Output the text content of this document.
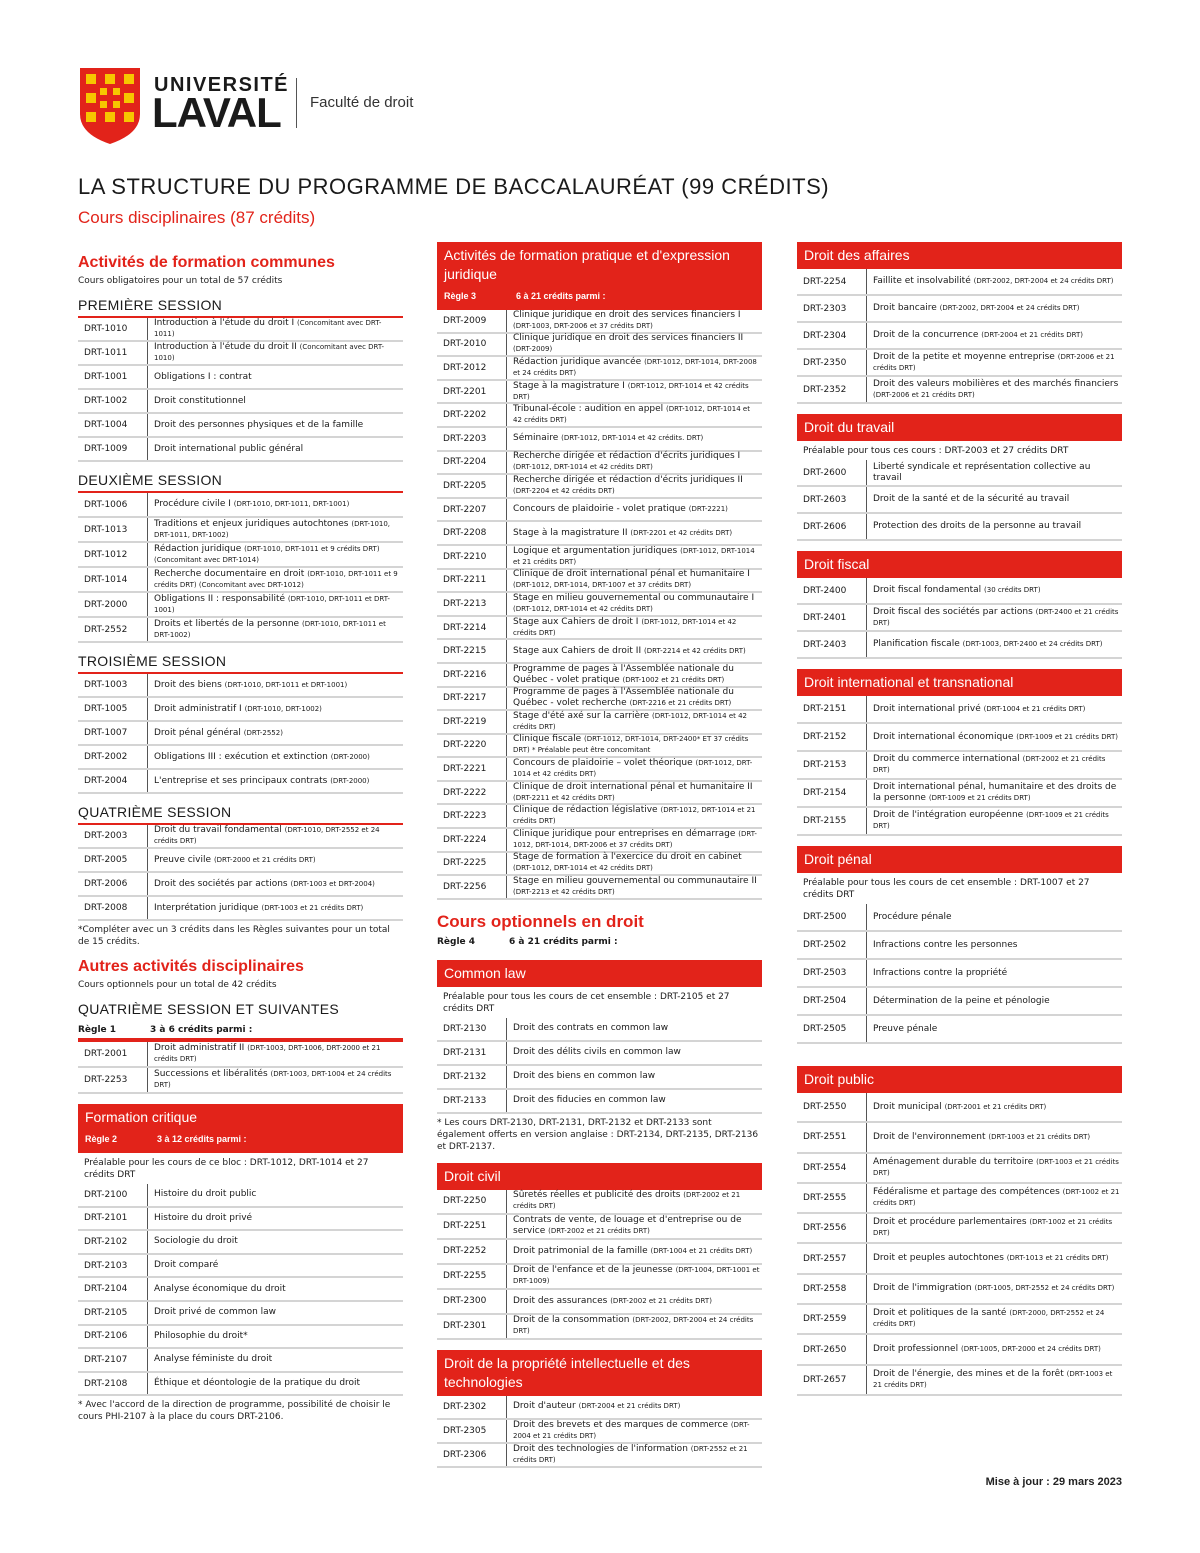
UNIVERSITÉ
LAVAL Faculté de droit
LA STRUCTURE DU PROGRAMME DE BACCALAURÉAT (99 CRÉDITS)
Cours disciplinaires (87 crédits)
Activités de formation communes
Cours obligatoires pour un total de 57 crédits
PREMIÈRE SESSION
DRT-1010
Introduction à l'étude du droit I (Concomitant avec DRT-1011)
DRT-1011
Introduction à l'étude du droit II (Concomitant avec DRT-1010)
DRT-1001	Obligations I : contrat
DRT-1002	Droit constitutionnel
DRT-1004	Droit des personnes physiques et de la famille
DRT-1009	Droit international public général
DEUXIÈME SESSION
DRT-1006	Procédure civile I (DRT-1010, DRT-1011, DRT-1001)
DRT-1013
Traditions et enjeux juridiques autochtones (DRT-1010, DRT-1011, DRT-1002)
DRT-1012
Rédaction juridique (DRT-1010, DRT-1011 et 9 crédits DRT) (Concomitant avec DRT-1014)
DRT-1014
Recherche documentaire en droit (DRT-1010, DRT-1011 et 9 crédits DRT) (Concomitant avec DRT-1012)
DRT-2000
Obligations II : responsabilité (DRT-1010, DRT-1011 et DRT-1001)
DRT-2552
Droits et libertés de la personne (DRT-1010, DRT-1011 et DRT-1002)
TROISIÈME SESSION
DRT-1003	Droit des biens (DRT-1010, DRT-1011 et DRT-1001)
DRT-1005	Droit administratif I (DRT-1010, DRT-1002)
DRT-1007	Droit pénal général (DRT-2552)
DRT-2002	Obligations III : exécution et extinction (DRT-2000)
DRT-2004	L'entreprise et ses principaux contrats (DRT-2000)
QUATRIÈME SESSION
DRT-2003
Droit du travail fondamental (DRT-1010, DRT-2552 et 24 crédits DRT)
DRT-2005	Preuve civile (DRT-2000 et 21 crédits DRT)
DRT-2006	Droit des sociétés par actions (DRT-1003 et DRT-2004)
DRT-2008	Interprétation juridique (DRT-1003 et 21 crédits DRT)
*Compléter avec un 3 crédits dans les Règles suivantes pour un total de 15 crédits.
Autres activités disciplinaires
Cours optionnels pour un total de 42 crédits
QUATRIÈME SESSION ET SUIVANTES
Règle 1	3 à 6 crédits parmi :
DRT-2001
Droit administratif II (DRT-1003, DRT-1006, DRT-2000 et 21 crédits DRT)
DRT-2253
Successions et libéralités (DRT-1003, DRT-1004 et 24 crédits DRT)
Formation critique
Règle 2	3 à 12 crédits parmi :
Préalable pour les cours de ce bloc : DRT-1012, DRT-1014 et 27 crédits DRT
DRT-2100	Histoire du droit public
DRT-2101	Histoire du droit privé
DRT-2102	Sociologie du droit
DRT-2103	Droit comparé
DRT-2104	Analyse économique du droit
DRT-2105	Droit privé de common law
DRT-2106	Philosophie du droit*
DRT-2107	Analyse féministe du droit
DRT-2108	Éthique et déontologie de la pratique du droit
* Avec l'accord de la direction de programme, possibilité de choisir le cours PHI-2107 à la place du cours DRT-2106.
Activités de formation pratique et d'expression juridique
Règle 3	6 à 21 crédits parmi :
DRT-2009
Clinique juridique en droit des services financiers I (DRT-1003, DRT-2006 et 37 crédits DRT)
DRT-2010
Clinique juridique en droit des services financiers II (DRT-2009)
DRT-2012
Rédaction juridique avancée (DRT-1012, DRT-1014, DRT-2008 et 24 crédits DRT)
DRT-2201
Stage à la magistrature I (DRT-1012, DRT-1014 et 42 crédits DRT)
DRT-2202
Tribunal-école : audition en appel (DRT-1012, DRT-1014 et 42 crédits DRT)
DRT-2203	Séminaire (DRT-1012, DRT-1014 et 42 crédits. DRT)
DRT-2204
Recherche dirigée et rédaction d'écrits juridiques I (DRT-1012, DRT-1014 et 42 crédits DRT)
DRT-2205
Recherche dirigée et rédaction d'écrits juridiques II (DRT-2204 et 42 crédits DRT)
DRT-2207	Concours de plaidoirie - volet pratique (DRT-2221)
DRT-2208	Stage à la magistrature II (DRT-2201 et 42 crédits DRT)
DRT-2210
Logique et argumentation juridiques (DRT-1012, DRT-1014 et 21 crédits DRT)
DRT-2211
Clinique de droit international pénal et humanitaire I (DRT-1012, DRT-1014, DRT-1007 et 37 crédits DRT)
DRT-2213
Stage en milieu gouvernemental ou communautaire I (DRT-1012, DRT-1014 et 42 crédits DRT)
DRT-2214
Stage aux Cahiers de droit I (DRT-1012, DRT-1014 et 42 crédits DRT)
DRT-2215	Stage aux Cahiers de droit II (DRT-2214 et 42 crédits DRT)
DRT-2216
Programme de pages à l'Assemblée nationale du Québec - volet pratique (DRT-1002 et 21 crédits DRT)
DRT-2217
Programme de pages à l'Assemblée nationale du Québec - volet recherche (DRT-2216 et 21 crédits DRT)
DRT-2219
Stage d'été axé sur la carrière (DRT-1012, DRT-1014 et 42 crédits DRT)
DRT-2220
Clinique fiscale (DRT-1012, DRT-1014, DRT-2400* ET 37 crédits DRT) * Préalable peut être concomitant
DRT-2221
Concours de plaidoirie – volet théorique (DRT-1012, DRT-1014 et 42 crédits DRT)
DRT-2222
Clinique de droit international pénal et humanitaire II (DRT-2211 et 42 crédits DRT)
DRT-2223
Clinique de rédaction législative (DRT-1012, DRT-1014 et 21 crédits DRT)
DRT-2224
Clinique juridique pour entreprises en démarrage (DRT-1012, DRT-1014, DRT-2006 et 37 crédits DRT)
DRT-2225
Stage de formation à l'exercice du droit en cabinet (DRT-1012, DRT-1014 et 42 crédits DRT)
DRT-2256
Stage en milieu gouvernemental ou communautaire II (DRT-2213 et 42 crédits DRT)
Cours optionnels en droit
Règle 4	6 à 21 crédits parmi :
Common law
Préalable pour tous les cours de cet ensemble : DRT-2105 et 27 crédits DRT
DRT-2130	Droit des contrats en common law
DRT-2131	Droit des délits civils en common law
DRT-2132	Droit des biens en common law
DRT-2133	Droit des fiducies en common law
* Les cours DRT-2130, DRT-2131, DRT-2132 et DRT-2133 sont également offerts en version anglaise : DRT-2134, DRT-2135, DRT-2136 et DRT-2137.
Droit civil
DRT-2250
Sûretés réelles et publicité des droits (DRT-2002 et 21 crédits DRT)
DRT-2251
Contrats de vente, de louage et d'entreprise ou de service (DRT-2002 et 21 crédits DRT)
DRT-2252	Droit patrimonial de la famille (DRT-1004 et 21 crédits DRT)
DRT-2255
Droit de l'enfance et de la jeunesse (DRT-1004, DRT-1001 et DRT-1009)
DRT-2300	Droit des assurances (DRT-2002 et 21 crédits DRT)
DRT-2301
Droit de la consommation (DRT-2002, DRT-2004 et 24 crédits DRT)
Droit de la propriété intellectuelle et des technologies
DRT-2302	Droit d'auteur (DRT-2004 et 21 crédits DRT)
DRT-2305
Droit des brevets et des marques de commerce (DRT-2004 et 21 crédits DRT)
DRT-2306
Droit des technologies de l'information (DRT-2552 et 21 crédits DRT)
Droit des affaires
DRT-2254	Faillite et insolvabilité (DRT-2002, DRT-2004 et 24 crédits DRT)
DRT-2303	Droit bancaire (DRT-2002, DRT-2004 et 24 crédits DRT)
DRT-2304	Droit de la concurrence (DRT-2004 et 21 crédits DRT)
DRT-2350
Droit de la petite et moyenne entreprise (DRT-2006 et 21 crédits DRT)
DRT-2352
Droit des valeurs mobilières et des marchés financiers (DRT-2006 et 21 crédits DRT)
Droit du travail
Préalable pour tous ces cours : DRT-2003 et 27 crédits DRT
DRT-2600
Liberté syndicale et représentation collective au travail
DRT-2603	Droit de la santé et de la sécurité au travail
DRT-2606	Protection des droits de la personne au travail
Droit fiscal
DRT-2400	Droit fiscal fondamental (30 crédits DRT)
DRT-2401
Droit fiscal des sociétés par actions (DRT-2400 et 21 crédits DRT)
DRT-2403	Planification fiscale (DRT-1003, DRT-2400 et 24 crédits DRT)
Droit international et transnational
DRT-2151	Droit international privé (DRT-1004 et 21 crédits DRT)
DRT-2152	Droit international économique (DRT-1009 et 21 crédits DRT)
DRT-2153
Droit du commerce international (DRT-2002 et 21 crédits DRT)
DRT-2154
Droit international pénal, humanitaire et des droits de la personne (DRT-1009 et 21 crédits DRT)
DRT-2155
Droit de l'intégration européenne (DRT-1009 et 21 crédits DRT)
Droit pénal
Préalable pour tous les cours de cet ensemble : DRT-1007 et 27 crédits DRT
DRT-2500	Procédure pénale
DRT-2502	Infractions contre les personnes
DRT-2503	Infractions contre la propriété
DRT-2504	Détermination de la peine et pénologie
DRT-2505	Preuve pénale
Droit public
DRT-2550	Droit municipal (DRT-2001 et 21 crédits DRT)
DRT-2551	Droit de l'environnement (DRT-1003 et 21 crédits DRT)
DRT-2554
Aménagement durable du territoire (DRT-1003 et 21 crédits DRT)
DRT-2555
Fédéralisme et partage des compétences (DRT-1002 et 21 crédits DRT)
DRT-2556
Droit et procédure parlementaires (DRT-1002 et 21 crédits DRT)
DRT-2557	Droit et peuples autochtones (DRT-1013 et 21 crédits DRT)
DRT-2558	Droit de l'immigration (DRT-1005, DRT-2552 et 24 crédits DRT)
DRT-2559
Droit et politiques de la santé (DRT-2000, DRT-2552 et 24 crédits DRT)
DRT-2650	Droit professionnel (DRT-1005, DRT-2000 et 24 crédits DRT)
DRT-2657
Droit de l'énergie, des mines et de la forêt (DRT-1003 et 21 crédits DRT)
Mise à jour : 29 mars 2023
